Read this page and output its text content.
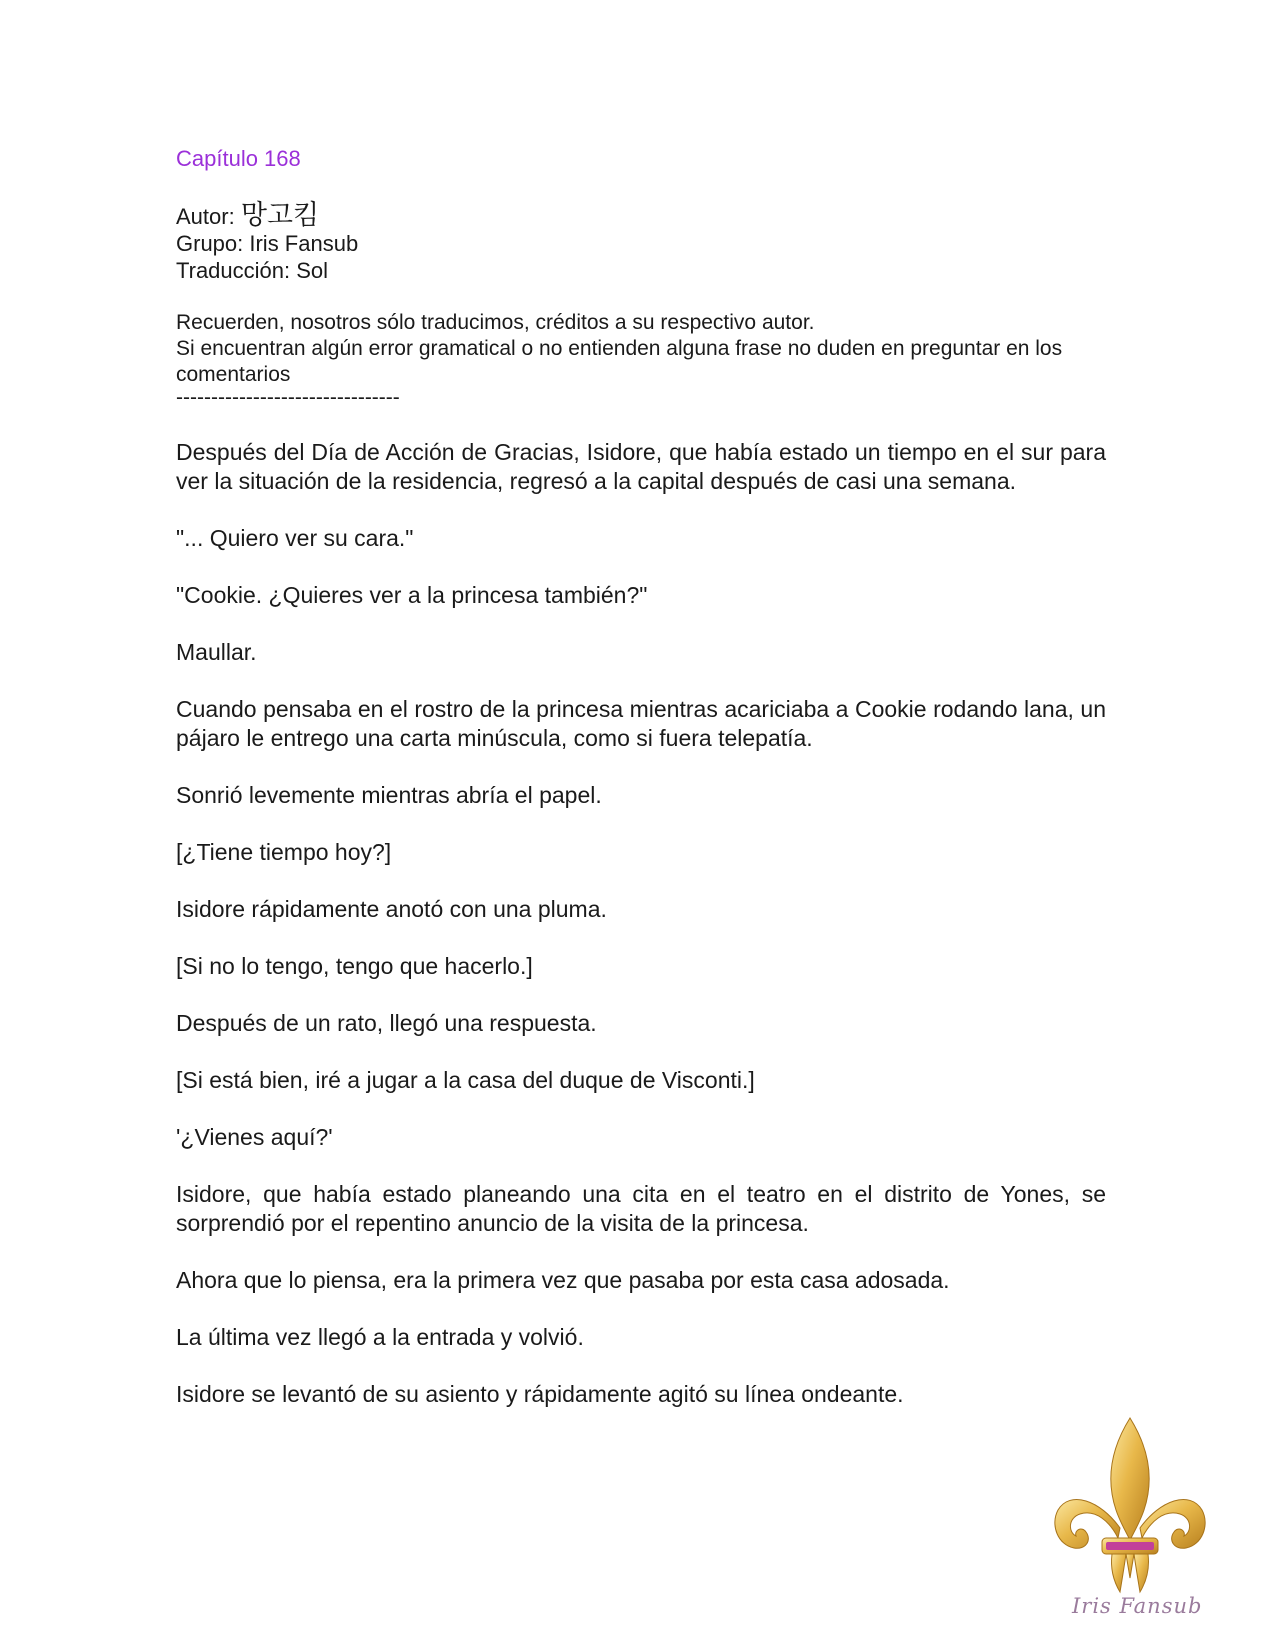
Capítulo 168
Autor: 망고킴
Grupo: Iris Fansub
Traducción: Sol
Recuerden, nosotros sólo traducimos, créditos a su respectivo autor.
Si encuentran algún error gramatical o no entienden alguna frase no duden en preguntar en los comentarios
--------------------------------

Después del Día de Acción de Gracias, Isidore, que había estado un tiempo en el sur para ver la situación de la residencia, regresó a la capital después de casi una semana.

"... Quiero ver su cara."

"Cookie. ¿Quieres ver a la princesa también?"

Maullar.

Cuando pensaba en el rostro de la princesa mientras acariciaba a Cookie rodando lana, un pájaro le entrego una carta minúscula, como si fuera telepatía.

Sonrió levemente mientras abría el papel.

[¿Tiene tiempo hoy?]

Isidore rápidamente anotó con una pluma.

[Si no lo tengo, tengo que hacerlo.]

Después de un rato, llegó una respuesta.

[Si está bien, iré a jugar a la casa del duque de Visconti.]

'¿Vienes aquí?'

Isidore, que había estado planeando una cita en el teatro en el distrito de Yones, se sorprendió por el repentino anuncio de la visita de la princesa.

Ahora que lo piensa, era la primera vez que pasaba por esta casa adosada.

La última vez llegó a la entrada y volvió.

Isidore se levantó de su asiento y rápidamente agitó su línea ondeante.

Iris Fansub
